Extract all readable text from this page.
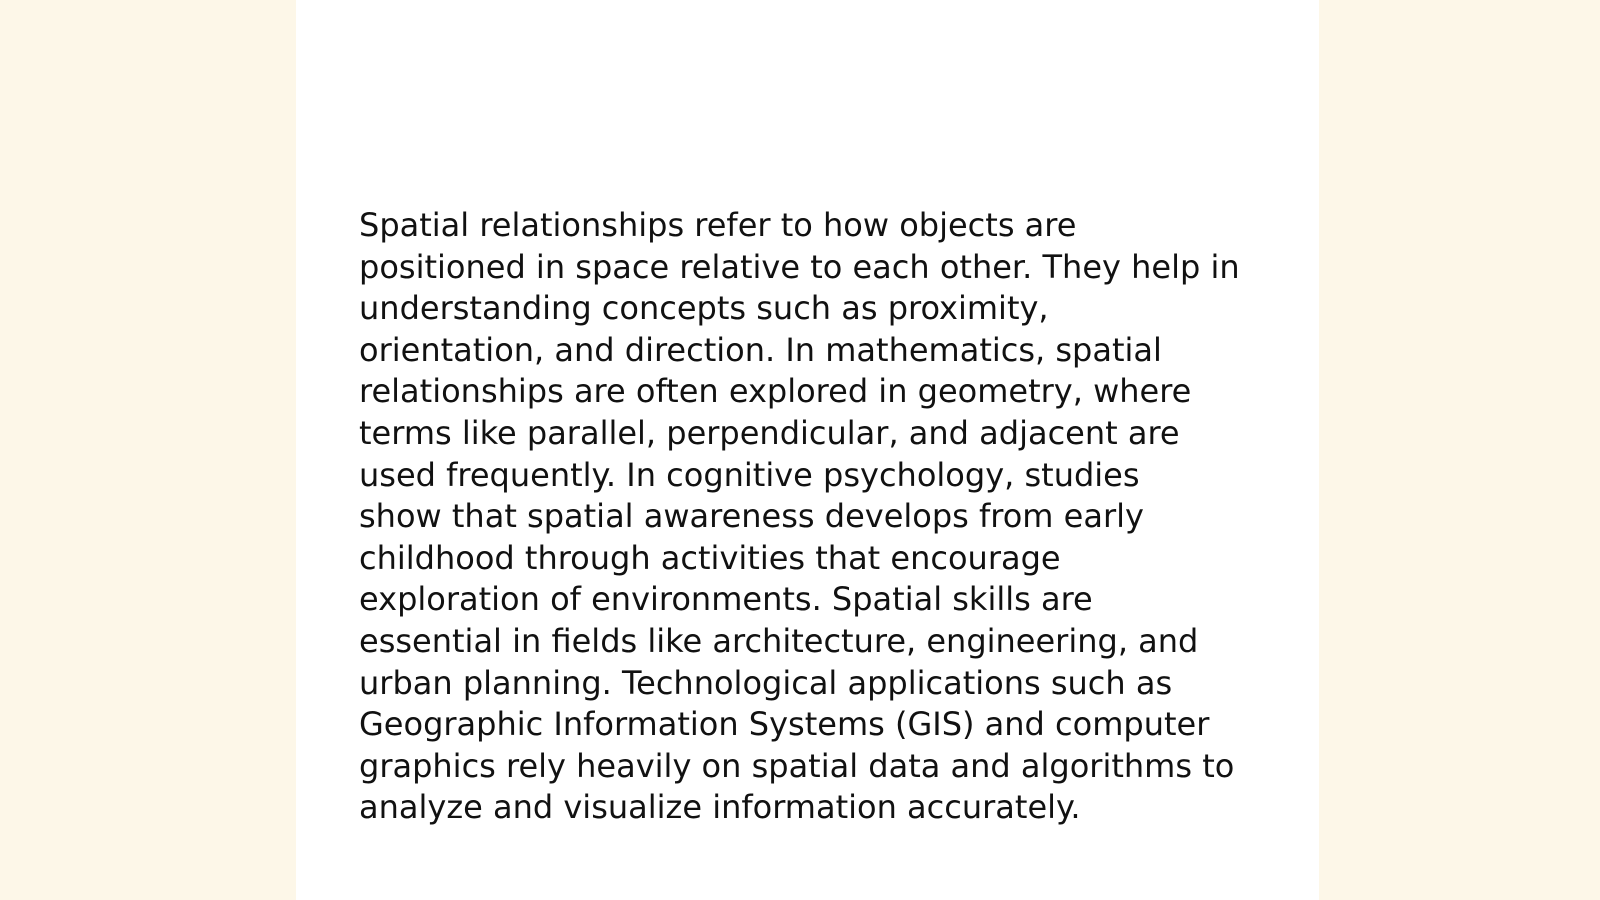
Spatial relationships refer to how objects are
positioned in space relative to each other. They help in
understanding concepts such as proximity,
orientation, and direction. In mathematics, spatial
relationships are often explored in geometry, where
terms like parallel, perpendicular, and adjacent are
used frequently. In cognitive psychology, studies
show that spatial awareness develops from early
childhood through activities that encourage
exploration of environments. Spatial skills are
essential in fields like architecture, engineering, and
urban planning. Technological applications such as
Geographic Information Systems (GIS) and computer
graphics rely heavily on spatial data and algorithms to
analyze and visualize information accurately.
